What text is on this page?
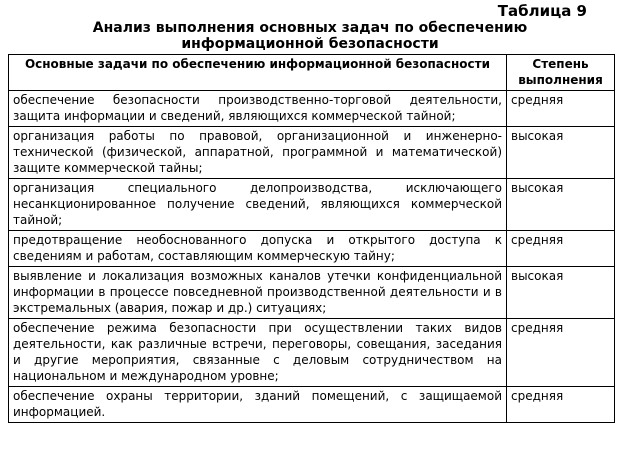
Таблица 9
Анализ выполнения основных задач по обеспечению информационной безопасности
Основные задачи по обеспечению информационной безопасности	Степень выполнения
обеспечение безопасности производственно-торговой деятельности, защита информации и сведений, являющихся коммерческой тайной;	средняя
организация работы по правовой, организационной и инженерно-технической (физической, аппаратной, программной и математической) защите коммерческой тайны;	высокая
организация специального делопроизводства, исключающего несанкционированное получение сведений, являющихся коммерческой тайной;	высокая
предотвращение необоснованного допуска и открытого доступа к сведениям и работам, составляющим коммерческую тайну;	средняя
выявление и локализация возможных каналов утечки конфиденциальной информации в процессе повседневной производственной деятельности и в экстремальных (авария, пожар и др.) ситуациях;	высокая
обеспечение режима безопасности при осуществлении таких видов деятельности, как различные встречи, переговоры, совещания, заседания и другие мероприятия, связанные с деловым сотрудничеством на национальном и международном уровне;	средняя
обеспечение охраны территории, зданий помещений, с защищаемой информацией.	средняя
